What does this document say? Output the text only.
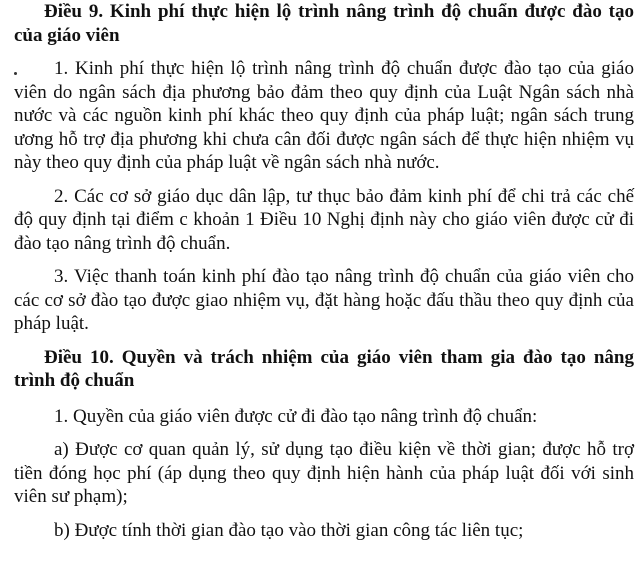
Điều 9. Kinh phí thực hiện lộ trình nâng trình độ chuẩn được đào tạo của giáo viên

1. Kinh phí thực hiện lộ trình nâng trình độ chuẩn được đào tạo của giáo viên do ngân sách địa phương bảo đảm theo quy định của Luật Ngân sách nhà nước và các nguồn kinh phí khác theo quy định của pháp luật; ngân sách trung ương hỗ trợ địa phương khi chưa cân đối được ngân sách để thực hiện nhiệm vụ này theo quy định của pháp luật về ngân sách nhà nước.

2. Các cơ sở giáo dục dân lập, tư thục bảo đảm kinh phí để chi trả các chế độ quy định tại điểm c khoản 1 Điều 10 Nghị định này cho giáo viên được cử đi đào tạo nâng trình độ chuẩn.

3. Việc thanh toán kinh phí đào tạo nâng trình độ chuẩn của giáo viên cho các cơ sở đào tạo được giao nhiệm vụ, đặt hàng hoặc đấu thầu theo quy định của pháp luật.

Điều 10. Quyền và trách nhiệm của giáo viên tham gia đào tạo nâng trình độ chuẩn

1. Quyền của giáo viên được cử đi đào tạo nâng trình độ chuẩn:

a) Được cơ quan quản lý, sử dụng tạo điều kiện về thời gian; được hỗ trợ tiền đóng học phí (áp dụng theo quy định hiện hành của pháp luật đối với sinh viên sư phạm);

b) Được tính thời gian đào tạo vào thời gian công tác liên tục;
